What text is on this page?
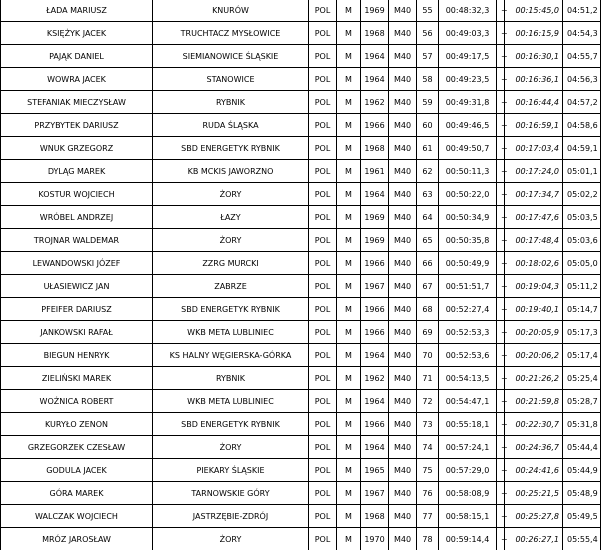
ŁADA MARIUSZ	KNURÓW	POL	M	1969	M40	55	00:48:32,3	+	00:15:45,0	04:51,2
KSIĘŻYK JACEK	TRUCHTACZ MYSŁOWICE	POL	M	1968	M40	56	00:49:03,3	+	00:16:15,9	04:54,3
PAJĄK DANIEL	SIEMIANOWICE ŚLĄSKIE	POL	M	1964	M40	57	00:49:17,5	+	00:16:30,1	04:55,7
WOWRA JACEK	STANOWICE	POL	M	1964	M40	58	00:49:23,5	+	00:16:36,1	04:56,3
STEFANIAK MIECZYSŁAW	RYBNIK	POL	M	1962	M40	59	00:49:31,8	+	00:16:44,4	04:57,2
PRZYBYTEK DARIUSZ	RUDA ŚLĄSKA	POL	M	1966	M40	60	00:49:46,5	+	00:16:59,1	04:58,6
WNUK GRZEGORZ	SBD ENERGETYK RYBNIK	POL	M	1968	M40	61	00:49:50,7	+	00:17:03,4	04:59,1
DYLĄG MAREK	KB MCKIS JAWORZNO	POL	M	1961	M40	62	00:50:11,3	+	00:17:24,0	05:01,1
KOSTUR WOJCIECH	ŻORY	POL	M	1964	M40	63	00:50:22,0	+	00:17:34,7	05:02,2
WRÓBEL ANDRZEJ	ŁAZY	POL	M	1969	M40	64	00:50:34,9	+	00:17:47,6	05:03,5
TROJNAR WALDEMAR	ŻORY	POL	M	1969	M40	65	00:50:35,8	+	00:17:48,4	05:03,6
LEWANDOWSKI JÓZEF	ZZRG MURCKI	POL	M	1966	M40	66	00:50:49,9	+	00:18:02,6	05:05,0
UŁASIEWICZ JAN	ZABRZE	POL	M	1967	M40	67	00:51:51,7	+	00:19:04,3	05:11,2
PFEIFER DARIUSZ	SBD ENERGETYK RYBNIK	POL	M	1966	M40	68	00:52:27,4	+	00:19:40,1	05:14,7
JANKOWSKI RAFAŁ	WKB META LUBLINIEC	POL	M	1966	M40	69	00:52:53,3	+	00:20:05,9	05:17,3
BIEGUN HENRYK	KS HALNY WĘGIERSKA-GÓRKA	POL	M	1964	M40	70	00:52:53,6	+	00:20:06,2	05:17,4
ZIELIŃSKI MAREK	RYBNIK	POL	M	1962	M40	71	00:54:13,5	+	00:21:26,2	05:25,4
WOŹNICA ROBERT	WKB META LUBLINIEC	POL	M	1964	M40	72	00:54:47,1	+	00:21:59,8	05:28,7
KURYŁO ZENON	SBD ENERGETYK RYBNIK	POL	M	1966	M40	73	00:55:18,1	+	00:22:30,7	05:31,8
GRZEGORZEK CZESŁAW	ŻORY	POL	M	1964	M40	74	00:57:24,1	+	00:24:36,7	05:44,4
GODULA JACEK	PIEKARY ŚLĄSKIE	POL	M	1965	M40	75	00:57:29,0	+	00:24:41,6	05:44,9
GÓRA MAREK	TARNOWSKIE GÓRY	POL	M	1967	M40	76	00:58:08,9	+	00:25:21,5	05:48,9
WALCZAK WOJCIECH	JASTRZĘBIE-ZDRÓJ	POL	M	1968	M40	77	00:58:15,1	+	00:25:27,8	05:49,5
MRÓZ JAROSŁAW	ŻORY	POL	M	1970	M40	78	00:59:14,4	+	00:26:27,1	05:55,4
